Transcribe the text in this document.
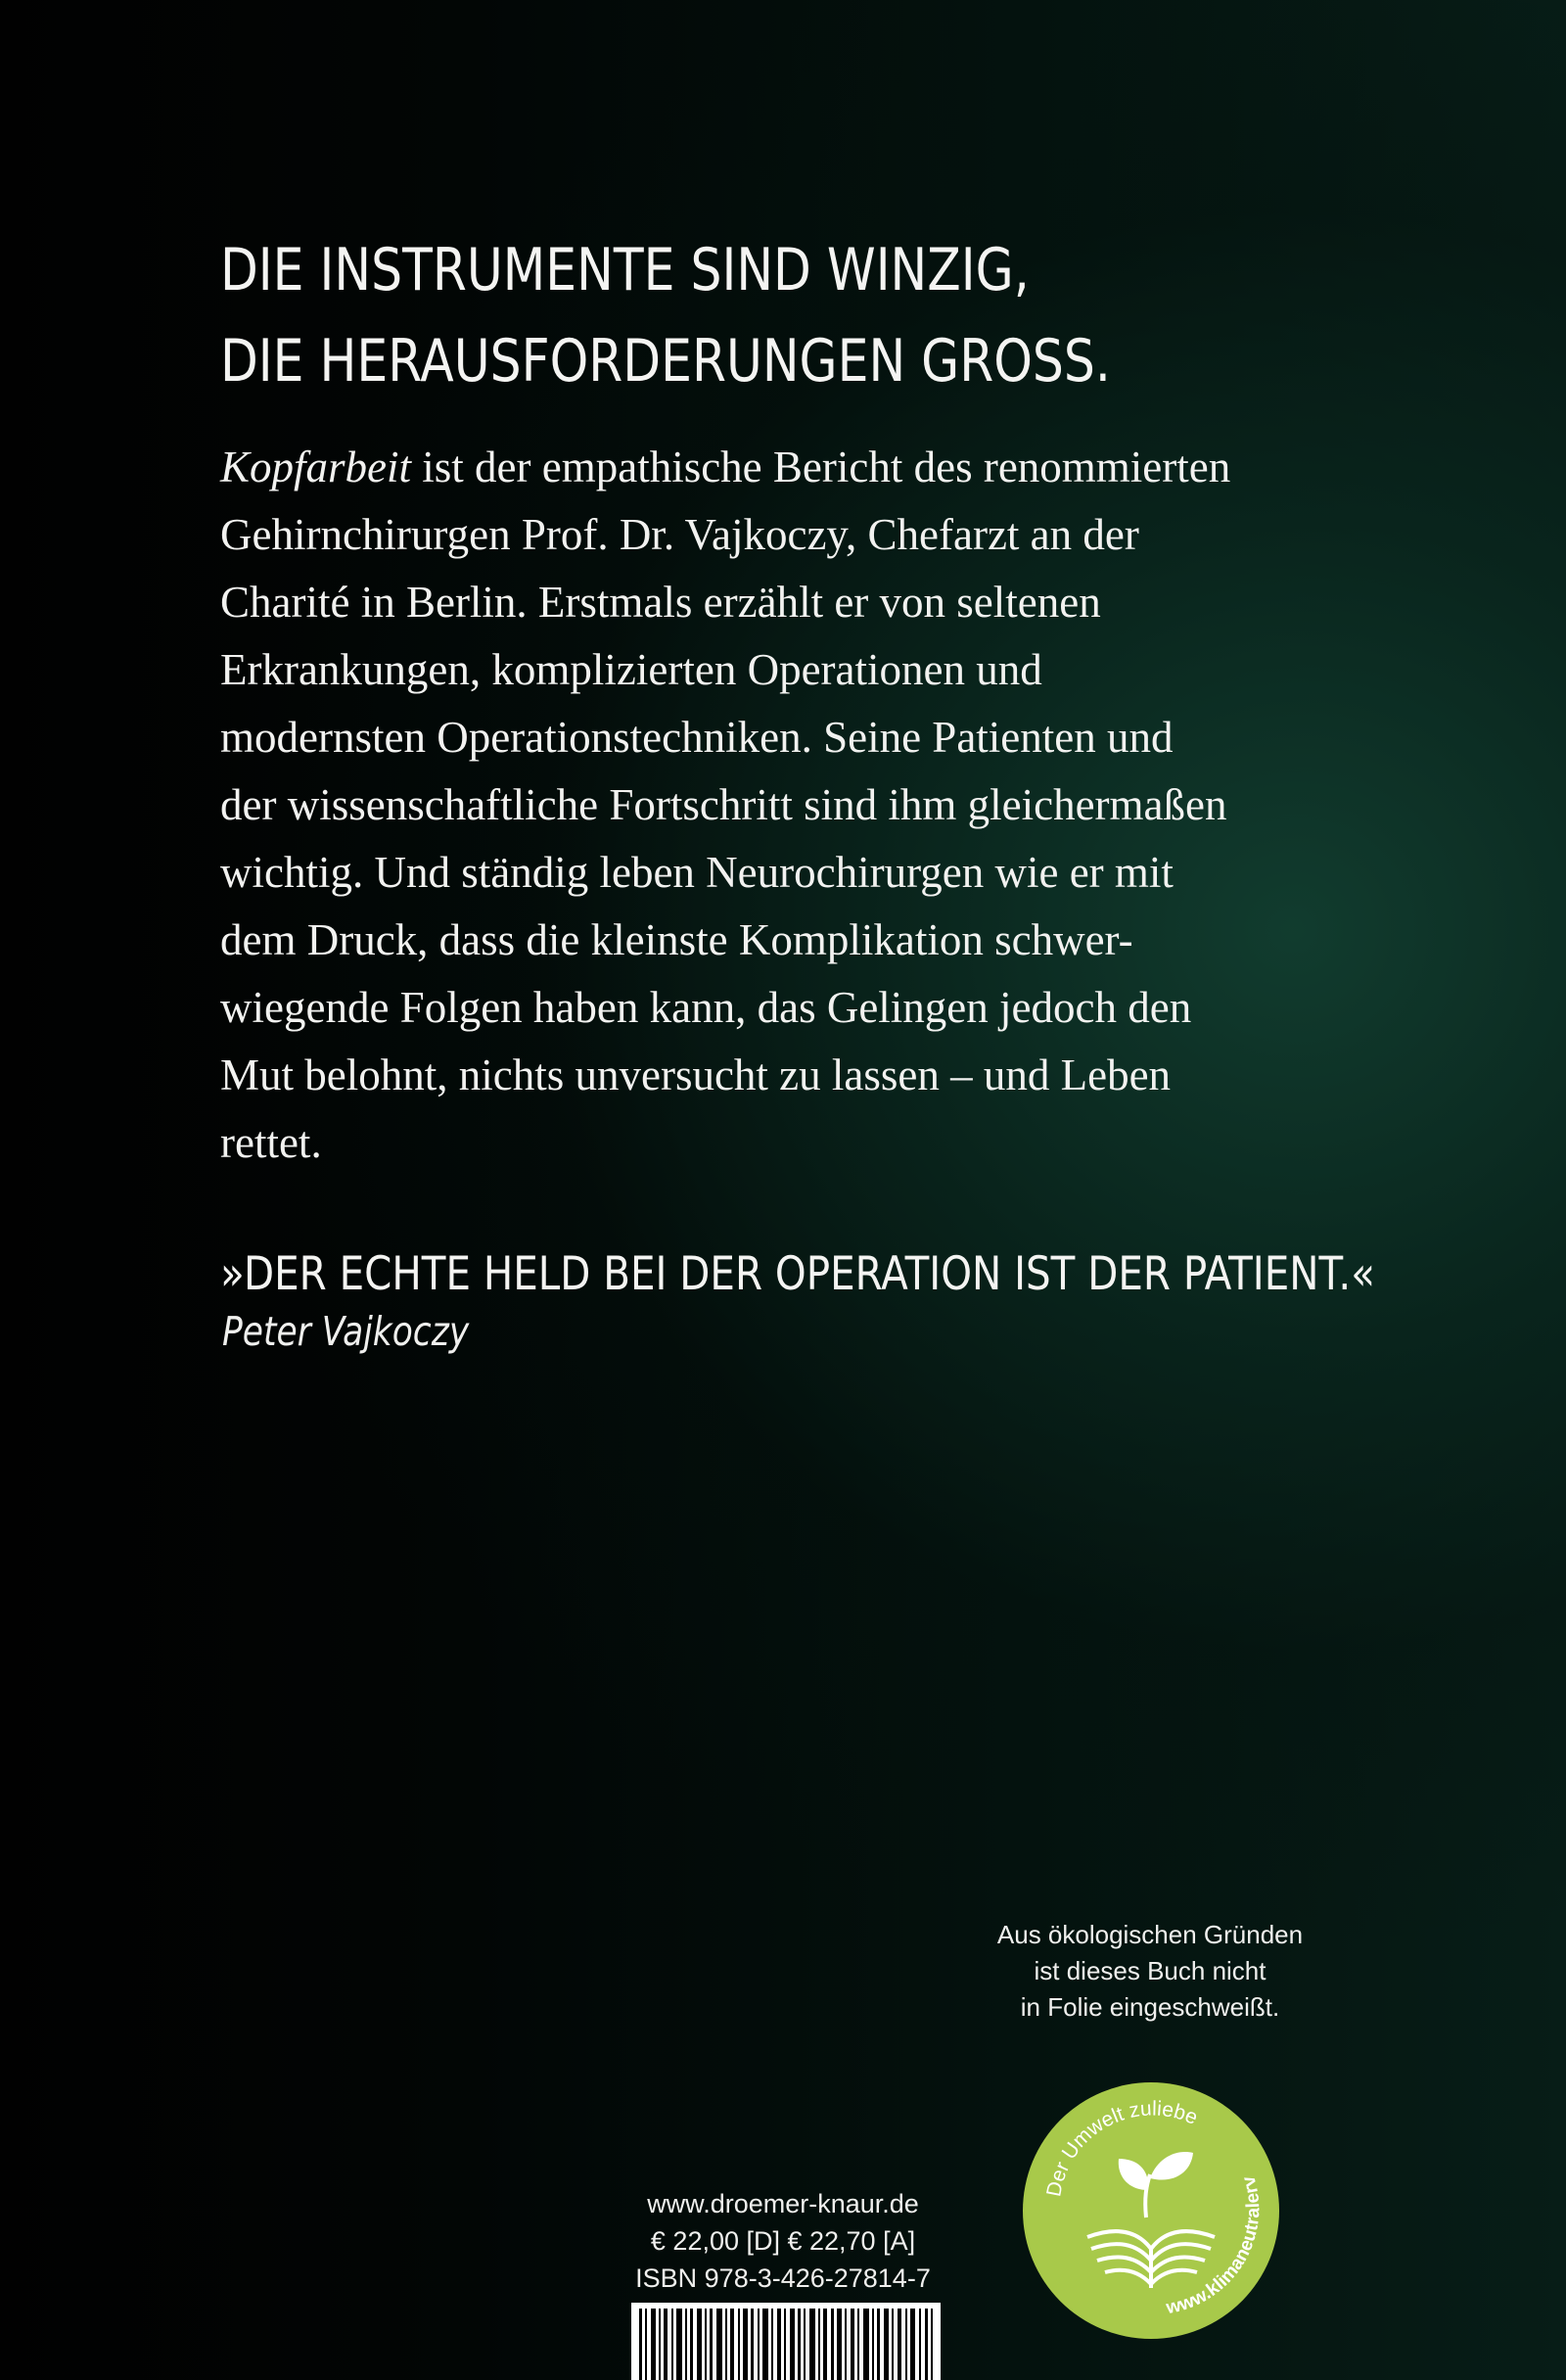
DIE INSTRUMENTE SIND WINZIG,
DIE HERAUSFORDERUNGEN GROSS.
Kopfarbeit ist der empathische Bericht des renommierten
Gehirnchirurgen Prof. Dr. Vajkoczy, Chefarzt an der
Charité in Berlin. Erstmals erzählt er von seltenen
Erkrankungen, komplizierten Operationen und
modernsten Operationstechniken. Seine Patienten und
der wissenschaftliche Fortschritt sind ihm gleichermaßen
wichtig. Und ständig leben Neurochirurgen wie er mit
dem Druck, dass die kleinste Komplikation schwer-
wiegende Folgen haben kann, das Gelingen jedoch den
Mut belohnt, nichts unversucht zu lassen – und Leben
rettet.
»DER ECHTE HELD BEI DER OPERATION IST DER PATIENT.«
Peter Vajkoczy
Aus ökologischen Gründen
ist dieses Buch nicht
in Folie eingeschweißt.
Der Umwelt zuliebe
www.klimaneutralerv
www.droemer-knaur.de
€ 22,00 [D] € 22,70 [A]
ISBN 978-3-426-27814-7
